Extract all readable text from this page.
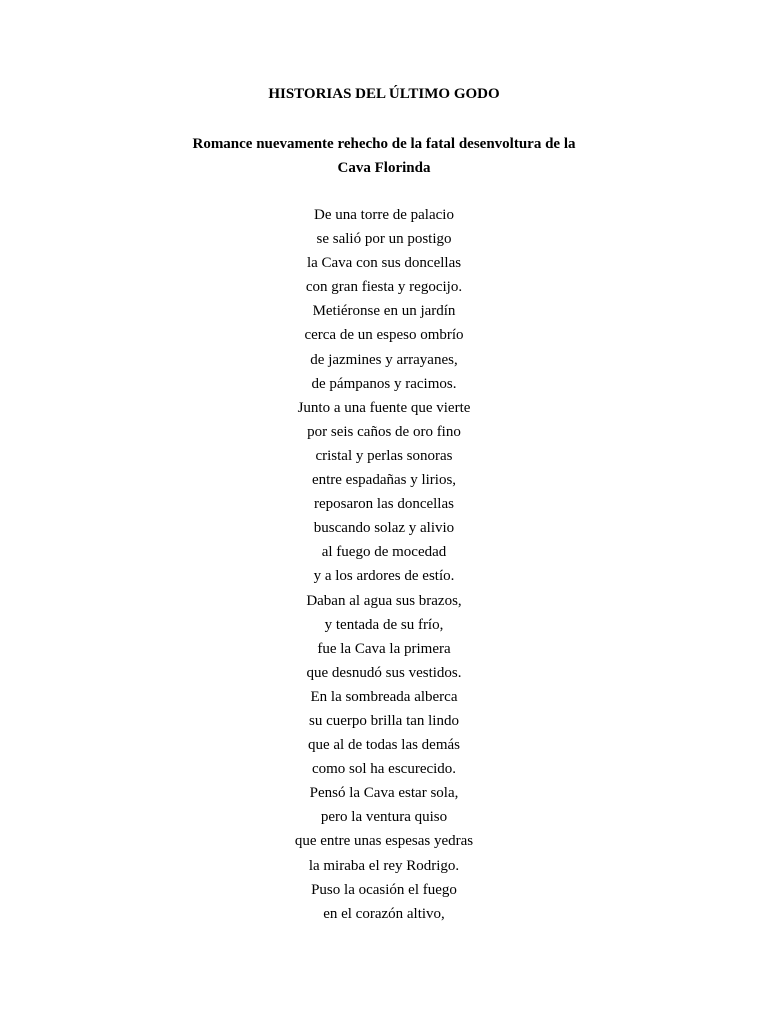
HISTORIAS DEL ÚLTIMO GODO
Romance nuevamente rehecho de la fatal desenvoltura de la
Cava Florinda
De una torre de palacio
se salió por un postigo
la Cava con sus doncellas
con gran fiesta y regocijo.
Metiéronse en un jardín
cerca de un espeso ombrío
de jazmines y arrayanes,
de pámpanos y racimos.
Junto a una fuente que vierte
por seis caños de oro fino
cristal y perlas sonoras
entre espadañas y lirios,
reposaron las doncellas
buscando solaz y alivio
al fuego de mocedad
y a los ardores de estío.
Daban al agua sus brazos,
y tentada de su frío,
fue la Cava la primera
que desnudó sus vestidos.
En la sombreada alberca
su cuerpo brilla tan lindo
que al de todas las demás
como sol ha escurecido.
Pensó la Cava estar sola,
pero la ventura quiso
que entre unas espesas yedras
la miraba el rey Rodrigo.
Puso la ocasión el fuego
en el corazón altivo,
